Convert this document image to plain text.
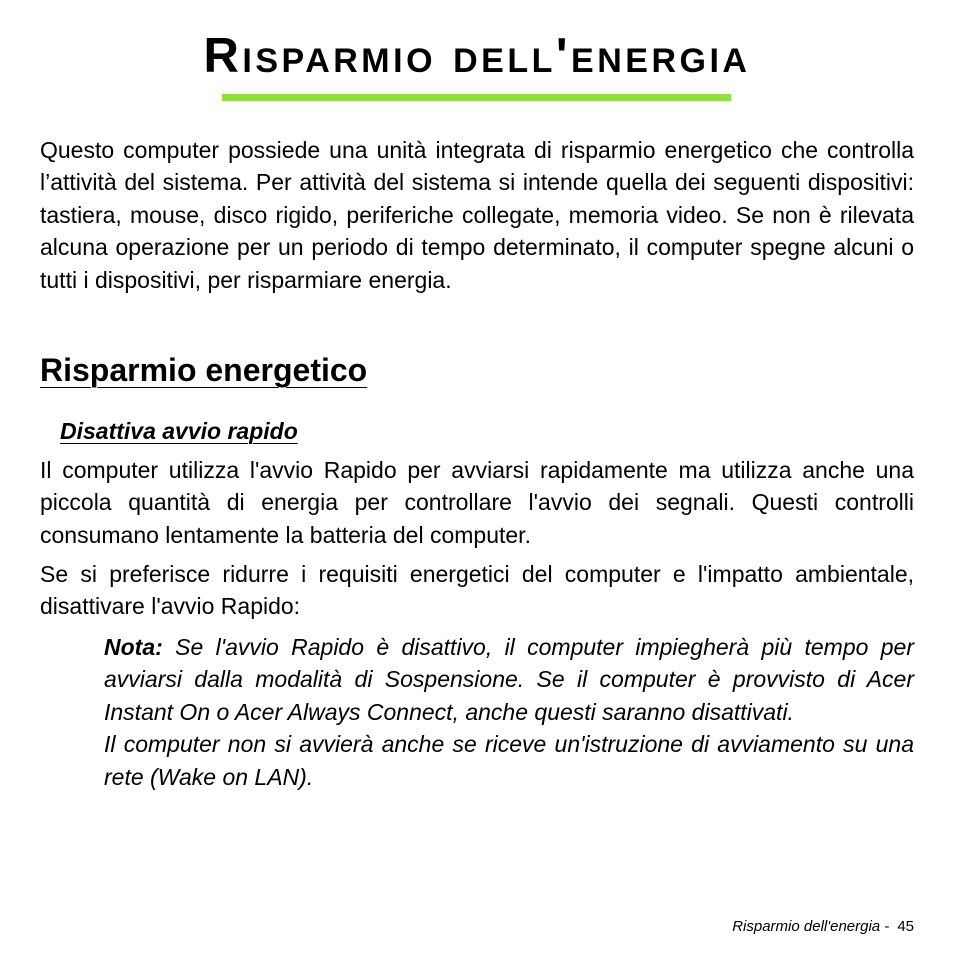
Risparmio dell'energia

Questo computer possiede una unità integrata di risparmio energetico che controlla l’attività del sistema. Per attività del sistema si intende quella dei seguenti dispositivi: tastiera, mouse, disco rigido, periferiche collegate, memoria video. Se non è rilevata alcuna operazione per un periodo di tempo determinato, il computer spegne alcuni o tutti i dispositivi, per risparmiare energia.

Risparmio energetico
Disattiva avvio rapido

Il computer utilizza l'avvio Rapido per avviarsi rapidamente ma utilizza anche una piccola quantità di energia per controllare l'avvio dei segnali. Questi controlli consumano lentamente la batteria del computer.

Se si preferisce ridurre i requisiti energetici del computer e l'impatto ambientale, disattivare l'avvio Rapido:

Nota: Se l'avvio Rapido è disattivo, il computer impiegherà più tempo per avviarsi dalla modalità di Sospensione. Se il computer è provvisto di Acer Instant On o Acer Always Connect, anche questi saranno disattivati.

Il computer non si avvierà anche se riceve un'istruzione di avviamento su una rete (Wake on LAN).

Risparmio dell'energia - 45
